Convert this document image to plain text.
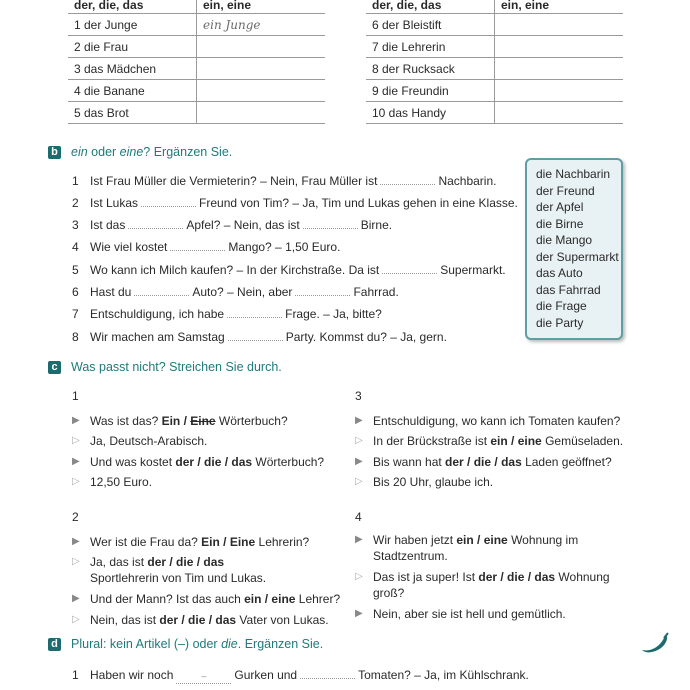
der, die, das	ein, eine
1 der Junge	ein Junge
2 die Frau	
3 das Mädchen	
4 die Banane	
5 das Brot	
der, die, das	ein, eine
6 der Bleistift	
7 die Lehrerin	
8 der Rucksack	
9 die Freundin	
10 das Handy	
b ein oder eine ? Ergänzen Sie.
1 Ist Frau Müller die Vermieterin? – Nein, Frau Müller ist	Nachbarin.
2 Ist Lukas	Freund von Tim? – Ja, Tim und Lukas gehen in eine Klasse.
3 Ist das	Apfel? – Nein, das ist	Birne.
4 Wie viel kostet	Mango? – 1,50 Euro.
5 Wo kann ich Milch kaufen? – In der Kirchstraße. Da ist	Supermarkt.
6 Hast du	Auto? – Nein, aber	Fahrrad.
7 Entschuldigung, ich habe	Frage. – Ja, bitte?
8 Wir machen am Samstag	Party. Kommst du? – Ja, gern.
die Nachbarin
der Freund
der Apfel
die Birne
die Mango
der Supermarkt
das Auto
das Fahrrad
die Frage
die Party
c Was passt nicht? Streichen Sie durch.
1
▶ Was ist das? Ein / Eine Wörterbuch?
▷ Ja, Deutsch-Arabisch.
▶ Und was kostet der / die / das Wörterbuch?
▷ 12,50 Euro.
3
▶ Entschuldigung, wo kann ich Tomaten kaufen?
▷ In der Brückstraße ist ein / eine Gemüseladen.
▶ Bis wann hat der / die / das Laden geöffnet?
▷ Bis 20 Uhr, glaube ich.
2
▶ Wer ist die Frau da? Ein / Eine Lehrerin?
▷ Ja, das ist der / die / das Sportlehrerin von Tim und Lukas.
▶ Und der Mann? Ist das auch ein / eine Lehrer?
▷ Nein, das ist der / die / das Vater von Lukas.
4
▶ Wir haben jetzt ein / eine Wohnung im Stadtzentrum.
▷ Das ist ja super! Ist der / die / das Wohnung groß?
▶ Nein, aber sie ist hell und gemütlich.
d Plural: kein Artikel (–) oder die . Ergänzen Sie.
1 Haben wir noch	– Gurken und	Tomaten? – Ja, im Kühlschrank.
